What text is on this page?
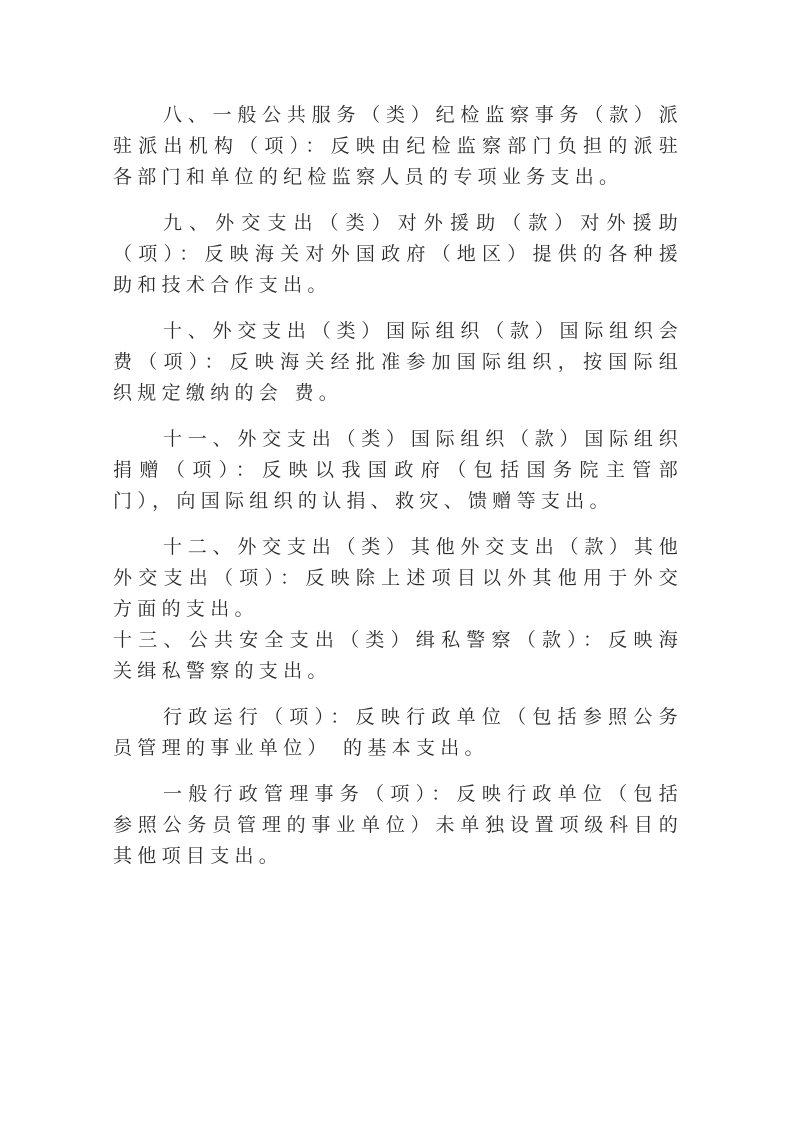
八、一般公共服务（类）纪检监察事务（款）派驻派出机构（项）：反映由纪检监察部门负担的派驻各部门和单位的纪检监察人员的专项业务支出。

九、外交支出（类）对外援助（款）对外援助（项）：反映海关对外国政府（地区）提供的各种援助和技术合作支出。

十、外交支出（类）国际组织（款）国际组织会费（项）：反映海关经批准参加国际组织，按国际组织规定缴纳的会 费。

十一、外交支出（类）国际组织（款）国际组织捐赠（项）：反映以我国政府（包括国务院主管部门），向国际组织的认捐、救灾、馈赠等支出。

十二、外交支出（类）其他外交支出（款）其他外交支出（项）：反映除上述项目以外其他用于外交方面的支出。

十三、公共安全支出（类）缉私警察（款）：反映海关缉私警察的支出。

行政运行（项）：反映行政单位（包括参照公务员管理的事业单位） 的基本支出。

一般行政管理事务（项）：反映行政单位（包括参照公务员管理的事业单位）未单独设置项级科目的其他项目支出。
